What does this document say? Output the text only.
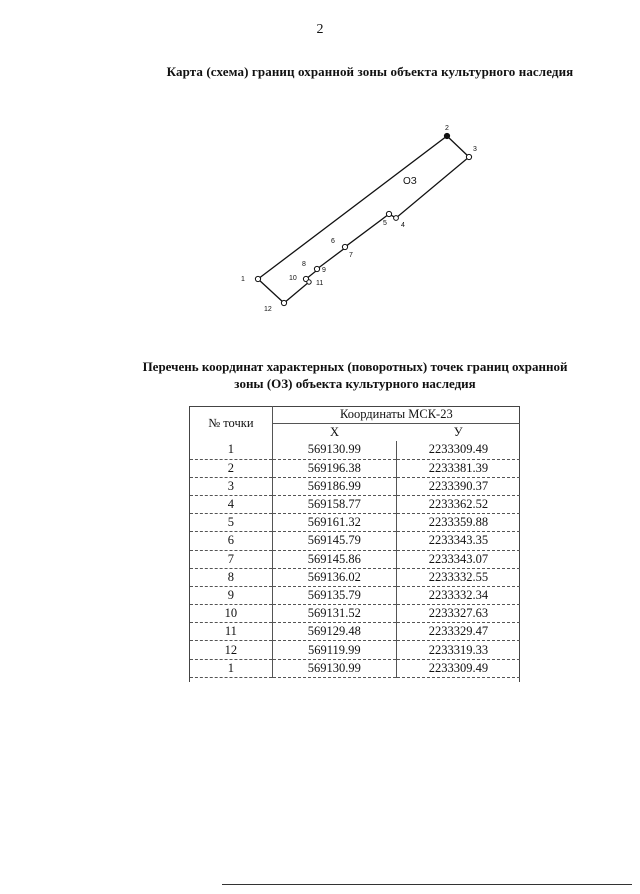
2
Карта (схема) границ охранной зоны объекта культурного наследия
ОЗ
1
2
3
4
5
6
7
8
9
10
11
12
Перечень координат характерных (поворотных) точек границ охранной
зоны (ОЗ) объекта культурного наследия
№ точки	Координаты МСК-23	
	X	У
1	569130.99	2233309.49
2	569196.38	2233381.39
3	569186.99	2233390.37
4	569158.77	2233362.52
5	569161.32	2233359.88
6	569145.79	2233343.35
7	569145.86	2233343.07
8	569136.02	2233332.55
9	569135.79	2233332.34
10	569131.52	2233327.63
11	569129.48	2233329.47
12	569119.99	2233319.33
1	569130.99	2233309.49
